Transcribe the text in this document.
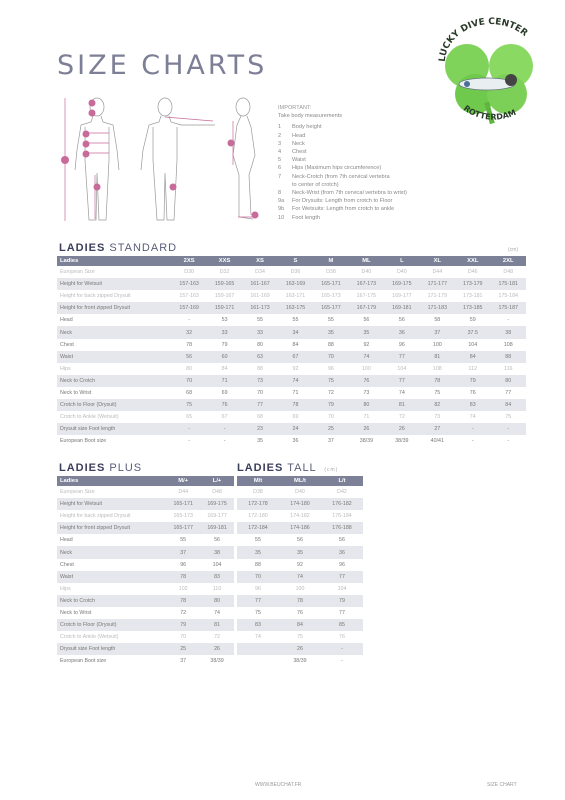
SIZE CHARTS	LUCKY DIVE CENTER
ROTTERDAM
IMPORTANT:
Take body measurements
1 Body height
2 Head
3 Neck
4 Chest
5 Waist
6 Hips (Maximum hips circumference)
7 Neck-Crotch (from 7th cervical vertebra
to center of crotch)
8 Neck-Wrist (from 7th cervical vertebra to wrist)
9a For Drysuits: Length from crotch to Floor
9b For Wetsuits: Length from crotch to ankle
10 Foot length
LADIES STANDARD	(cm)
Ladies	2XS	XXS	XS	S	M	ML	L	XL	XXL	2XL
European Size	D30	D32	D34	D36	D38	D40	D40	D44	D46	D48
Height for Wetsuit	157-163	159-165	161-167	163-169	165-171	167-173	169-175	171-177	173-179	175-181
Height for back zipped Drysuit	157-163	159-167	161-169	163-171	165-173	167-175	169-177	171-179	173-181	175-184
Height for front zipped Drysuit	157-169	159-171	161-173	163-175	165-177	167-179	169-181	171-183	173-185	175-187
Head	-	53	55	55	55	56	56	58	59	-
Neck	32	33	33	34	35	35	36	37	37.5	38
Chest	78	79	80	84	88	92	96	100	104	108
Waist	56	60	63	67	70	74	77	81	84	88
Hips	80	84	88	92	96	100	104	108	112	116
Neck to Crotch	70	71	73	74	75	76	77	78	79	80
Neck to Wrist	68	69	70	71	72	73	74	75	76	77
Crotch to Floor (Drysuit)	75	76	77	78	79	80	81	82	83	84
Crotch to Ankle (Wetsuit)	65	67	68	69	70	71	72	73	74	75
Drysuit size Foot length	-	-	23	24	25	26	26	27	-	-
European Boot size	-	-	35	36	37	38/39	38/39	40/41	-	-
LADIES PLUS
Ladies	M/+	L/+
European Size	D44	D48
Height for Wetsuit	165-171	169-175
Height for back zipped Drysuit	165-173	169-177
Height for front zipped Drysuit	165-177	169-181
Head	55	56
Neck	37	38
Chest	96	104
Waist	78	83
Hips	102	110
Neck to Crotch	78	80
Neck to Wrist	72	74
Crotch to Floor (Drysuit)	79	81
Crotch to Ankle (Wetsuit)	70	72
Drysuit size Foot length	25	26
European Boot size	37	38/39
LADIES TALL (cm)
M/t	ML/t	L/t
D38	D40	D42
172-178	174-180	176-182
172-180	174-182	176-184
172-184	174-186	176-188
55	56	56
35	35	36
88	92	96
70	74	77
96	100	104
77	78	79
75	76	77
83	84	85
74	75	76
	26	-
	38/39	-
WWW.BEUCHAT.FR	SIZE CHART
